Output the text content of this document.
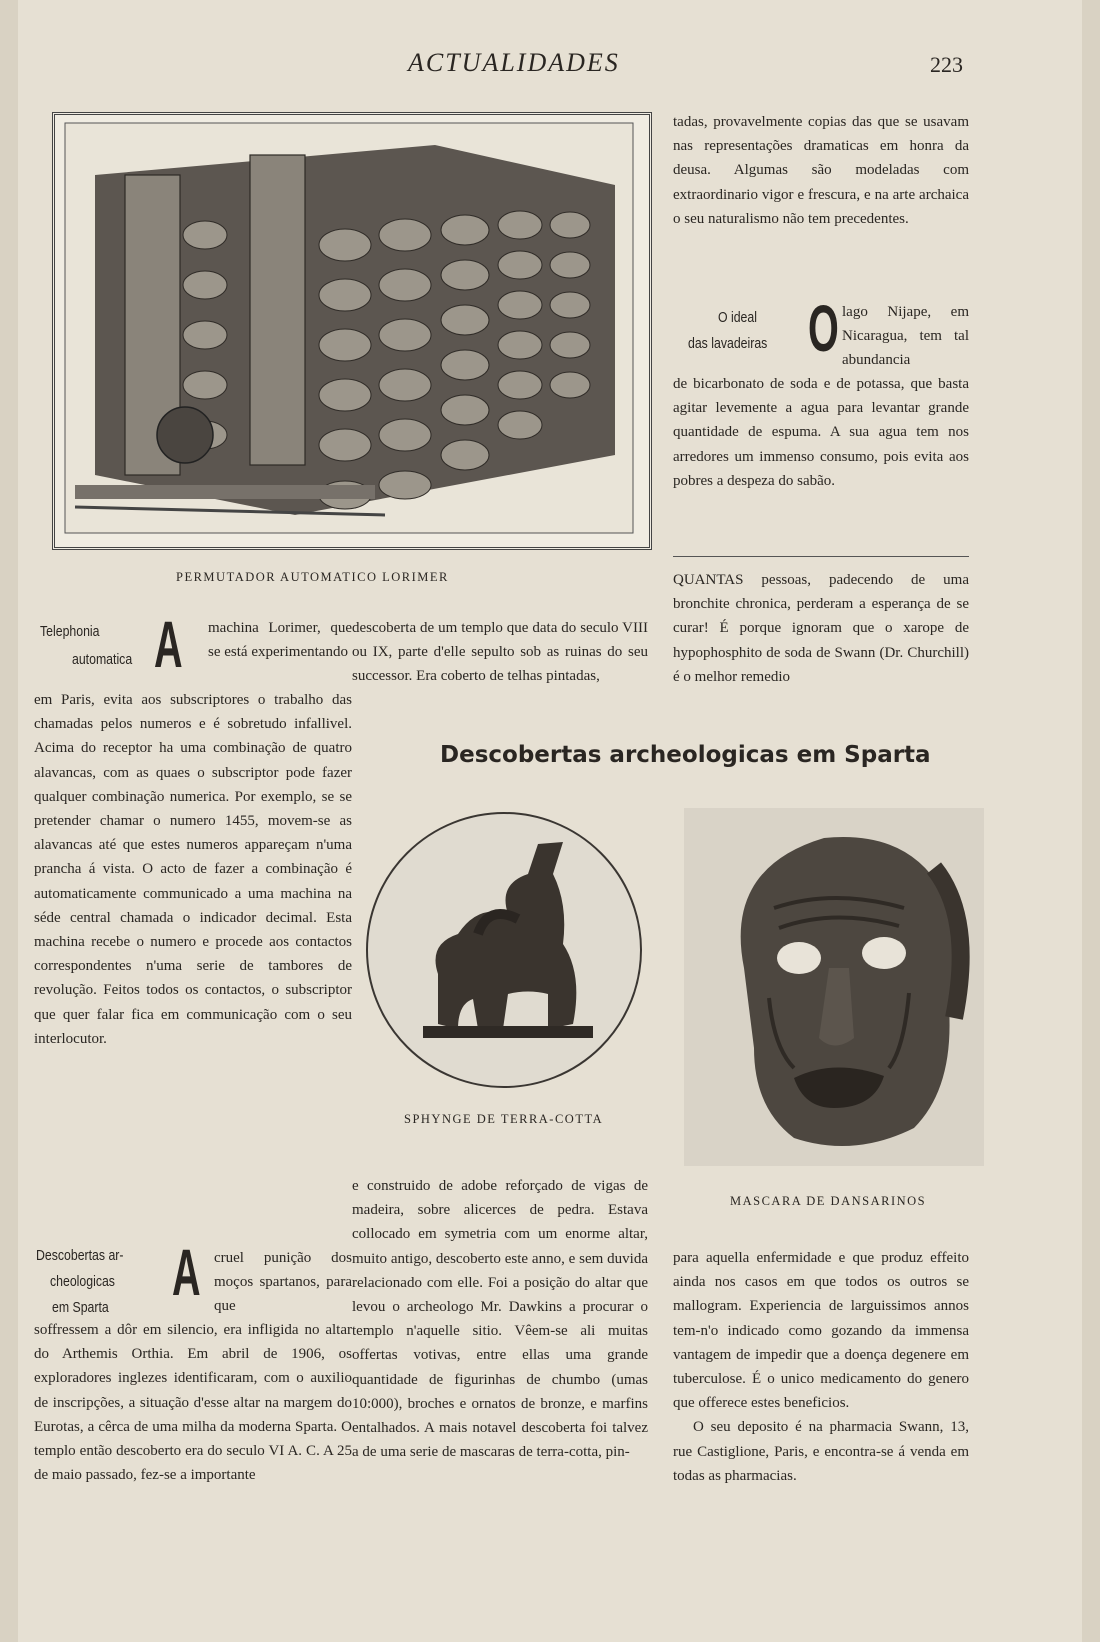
ACTUALIDADES	223
PERMUTADOR AUTOMATICO LORIMER
tadas, provavelmente copias das que se usavam nas representações dramaticas em honra da deusa. Algumas são modeladas com extraordinario vigor e frescura, e na arte archaica o seu naturalismo não tem precedentes.
O ideal
das lavadeiras O lago Nijape, em Nicaragua, tem tal abundancia
de bicarbonato de soda e de potassa, que basta agitar levemente a agua para levantar grande quantidade de espuma. A sua agua tem nos arredores um immenso consumo, pois evita aos pobres a despeza do sabão.
QUANTAS pessoas, padecendo de uma bronchite chronica, perderam a esperança de se curar! É porque ignoram que o xarope de hypophosphito de soda de Swann (Dr. Churchill) é o melhor remedio
Telephonia
automatica A machina Lorimer, que se está experimentando
em Paris, evita aos subscriptores o trabalho das chamadas pelos numeros e é sobretudo infallivel. Acima do receptor ha uma combinação de quatro alavancas, com as quaes o subscriptor pode fazer qualquer combinação numerica. Por exemplo, se se pretender chamar o numero 1455, movem-se as alavancas até que estes numeros appareçam n'uma prancha á vista. O acto de fazer a combinação é automaticamente communicado a uma machina na séde central chamada o indicador decimal. Esta machina recebe o numero e procede aos contactos correspondentes n'uma serie de tambores de revolução. Feitos todos os contactos, o subscriptor que quer falar fica em communicação com o seu interlocutor.
descoberta de um templo que data do seculo VIII ou IX, parte d'elle sepulto sob as ruinas do seu successor. Era coberto de telhas pintadas,
Descobertas archeologicas em Sparta
SPHYNGE DE TERRA-COTTA
MASCARA DE DANSARINOS
Descobertas ar-
cheologicas
em Sparta A cruel punição dos moços spartanos, para que
soffressem a dôr em silencio, era infligida no altar do Arthemis Orthia. Em abril de 1906, os exploradores inglezes identificaram, com o auxilio de inscripções, a situação d'esse altar na margem do Eurotas, a cêrca de uma milha da moderna Sparta. O templo então descoberto era do seculo VI A. C. A 25 de maio passado, fez-se a importante
e construido de adobe reforçado de vigas de madeira, sobre alicerces de pedra. Estava collocado em symetria com um enorme altar, muito antigo, descoberto este anno, e sem duvida relacionado com elle. Foi a posição do altar que levou o archeologo Mr. Dawkins a procurar o templo n'aquelle sitio. Vêem-se ali muitas offertas votivas, entre ellas uma grande quantidade de figurinhas de chumbo (umas 10:000), broches e ornatos de bronze, e marfins entalhados. A mais notavel descoberta foi talvez a de uma serie de mascaras de terra-cotta, pin-

para aquella enfermidade e que produz effeito ainda nos casos em que todos os outros se mallogram. Experiencia de larguissimos annos tem-n'o indicado como gozando da immensa vantagem de impedir que a doença degenere em tuberculose. É o unico medicamento do genero que offerece estes beneficios.

O seu deposito é na pharmacia Swann, 13, rue Castiglione, Paris, e encontra-se á venda em todas as pharmacias.
